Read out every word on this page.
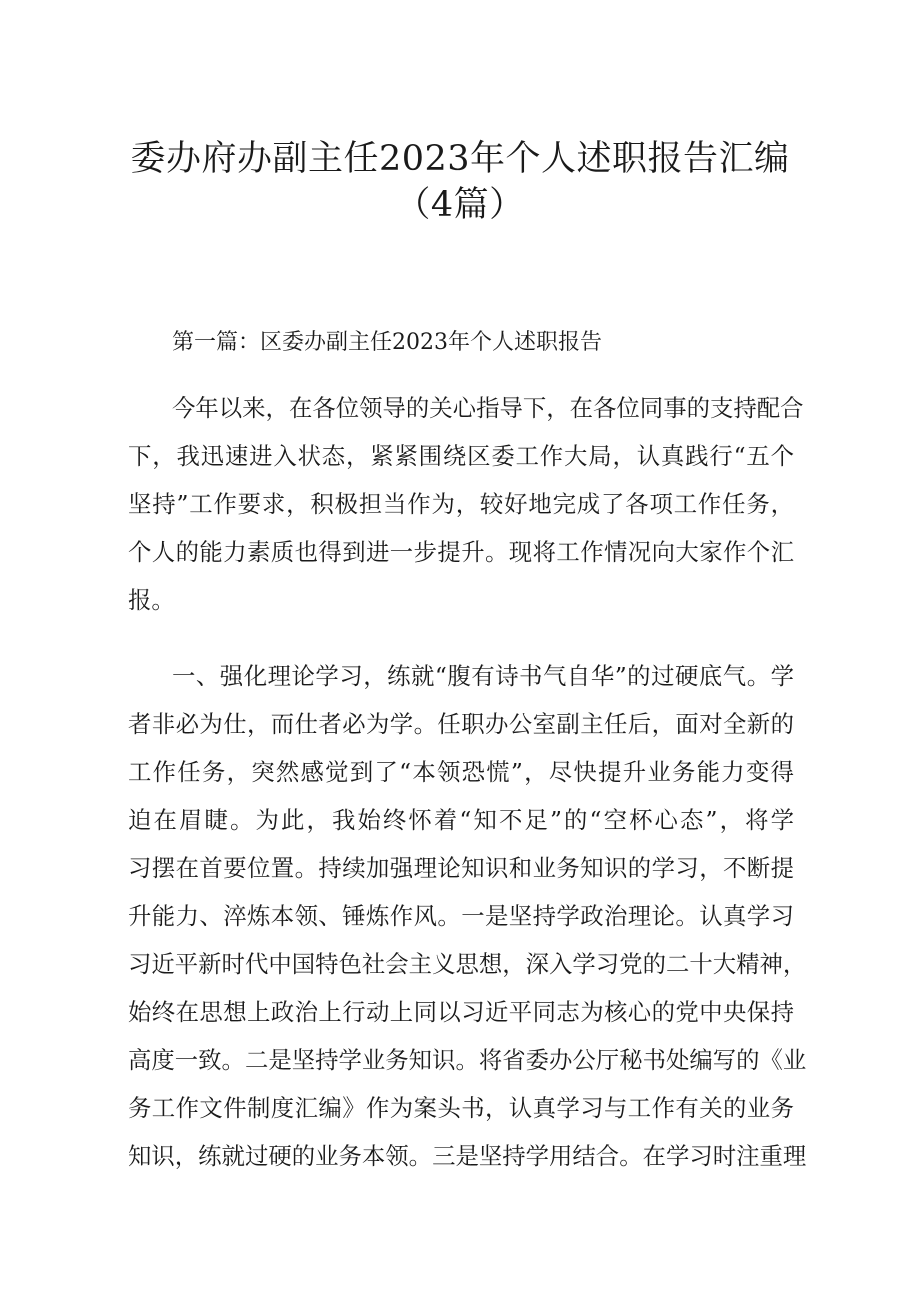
委办府办副主任2023年个人述职报告汇编
（4篇）
第一篇：区委办副主任2023年个人述职报告
今年以来，在各位领导的关心指导下，在各位同事的支持配合
下，我迅速进入状态，紧紧围绕区委工作大局，认真践行“五个
坚持”工作要求，积极担当作为，较好地完成了各项工作任务，
个人的能力素质也得到进一步提升。现将工作情况向大家作个汇
报。
一、强化理论学习，练就“腹有诗书气自华”的过硬底气。学
者非必为仕，而仕者必为学。任职办公室副主任后，面对全新的
工作任务，突然感觉到了“本领恐慌”，尽快提升业务能力变得
迫在眉睫。为此，我始终怀着“知不足”的“空杯心态”，将学
习摆在首要位置。持续加强理论知识和业务知识的学习，不断提
升能力、淬炼本领、锤炼作风。一是坚持学政治理论。认真学习
习近平新时代中国特色社会主义思想，深入学习党的二十大精神，
始终在思想上政治上行动上同以习近平同志为核心的党中央保持
高度一致。二是坚持学业务知识。将省委办公厅秘书处编写的《业
务工作文件制度汇编》作为案头书，认真学习与工作有关的业务
知识，练就过硬的业务本领。三是坚持学用结合。在学习时注重理
